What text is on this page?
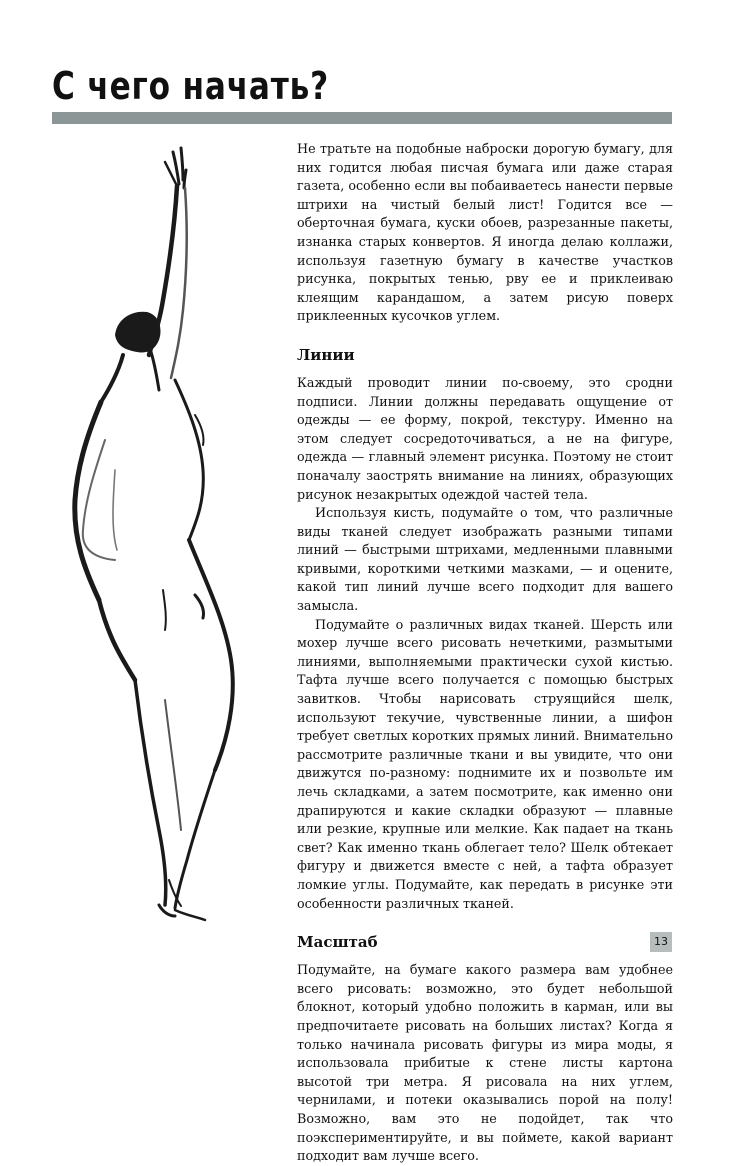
С чего начать?

Не тратьте на подобные наброски дорогую бумагу, для них годится любая писчая бумага или даже старая газета, особенно если вы побаиваетесь нанести первые штрихи на чистый белый лист! Годится все — оберточная бумага, куски обоев, разрезанные пакеты, изнанка старых конвертов. Я иногда делаю коллажи, используя газетную бумагу в качестве участков рисунка, покрытых тенью, рву ее и приклеиваю клеящим карандашом, а затем рисую поверх приклеенных кусочков углем.

Линии

Каждый проводит линии по-своему, это сродни подписи. Линии должны передавать ощущение от одежды — ее форму, покрой, текстуру. Именно на этом следует сосредоточиваться, а не на фигуре, одежда — главный элемент рисунка. Поэтому не стоит поначалу заострять внимание на линиях, образующих рисунок незакрытых одеждой частей тела.

Используя кисть, подумайте о том, что различные виды тканей следует изображать разными типами линий — быстрыми штрихами, медленными плавными кривыми, короткими четкими мазками, — и оцените, какой тип линий лучше всего подходит для вашего замысла.

Подумайте о различных видах тканей. Шерсть или мохер лучше всего рисовать нечеткими, размытыми линиями, выполняемыми практически сухой кистью. Тафта лучше всего получается с помощью быстрых завитков. Чтобы нарисовать струящийся шелк, используют текучие, чувственные линии, а шифон требует светлых коротких прямых линий. Внимательно рассмотрите различные ткани и вы увидите, что они движутся по-разному: поднимите их и позвольте им лечь складками, а затем посмотрите, как именно они драпируются и какие складки образуют — плавные или резкие, крупные или мелкие. Как падает на ткань свет? Как именно ткань облегает тело? Шелк обтекает фигуру и движется вместе с ней, а тафта образует ломкие углы. Подумайте, как передать в рисунке эти особенности различных тканей.

Масштаб

Подумайте, на бумаге какого размера вам удобнее всего рисовать: возможно, это будет небольшой блокнот, который удобно положить в карман, или вы предпочитаете рисовать на больших листах? Когда я только начинала рисовать фигуры из мира моды, я использовала прибитые к стене листы картона высотой три метра. Я рисовала на них углем, чернилами, и потеки оказывались порой на полу! Возможно, вам это не подойдет, так что поэкспериментируйте, и вы поймете, какой вариант подходит вам лучше всего.

13
